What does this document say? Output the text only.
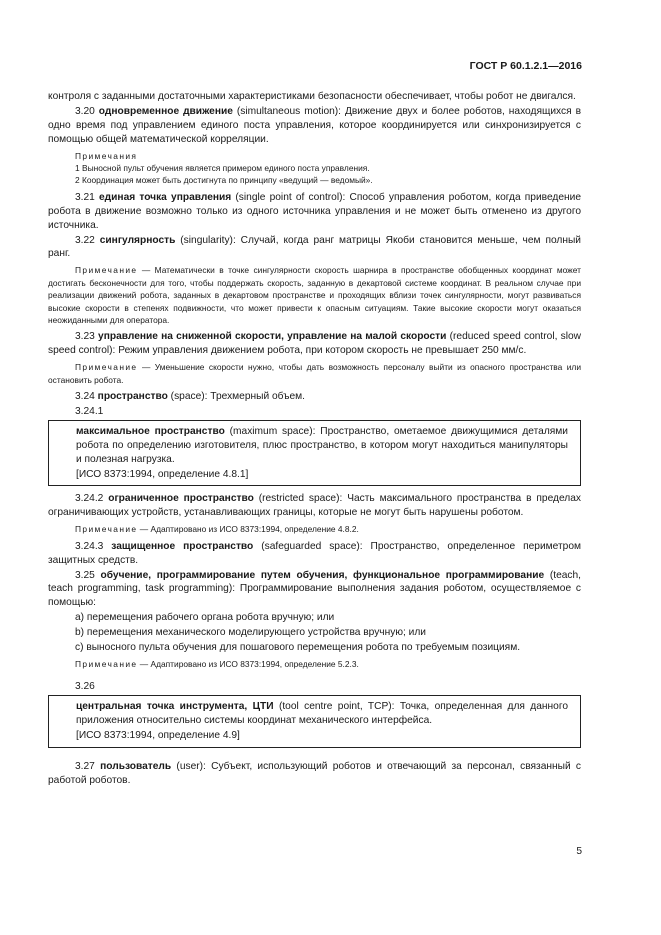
ГОСТ Р 60.1.2.1—2016

контроля с заданными достаточными характеристиками безопасности обеспечивает, чтобы робот не двигался.

3.20 одновременное движение (simultaneous motion): Движение двух и более роботов, находящихся в одно время под управлением единого поста управления, которое координируется или синхронизируется с помощью общей математической корреляции.

Примечания
1 Выносной пульт обучения является примером единого поста управления.
2 Координация может быть достигнута по принципу «ведущий — ведомый».

3.21 единая точка управления (single point of control): Способ управления роботом, когда приведение робота в движение возможно только из одного источника управления и не может быть отменено из другого источника.

3.22 сингулярность (singularity): Случай, когда ранг матрицы Якоби становится меньше, чем полный ранг.

Примечание — Математически в точке сингулярности скорость шарнира в пространстве обобщенных координат может достигать бесконечности для того, чтобы поддержать скорость, заданную в декартовой системе координат. В реальном случае при реализации движений робота, заданных в декартовом пространстве и проходящих вблизи точек сингулярности, могут развиваться высокие скорости в степенях подвижности, что может привести к опасным ситуациям. Такие высокие скорости могут оказаться неожиданными для оператора.

3.23 управление на сниженной скорости, управление на малой скорости (reduced speed control, slow speed control): Режим управления движением робота, при котором скорость не превышает 250 мм/с.

Примечание — Уменьшение скорости нужно, чтобы дать возможность персоналу выйти из опасного пространства или остановить робота.

3.24 пространство (space): Трехмерный объем.

3.24.1

максимальное пространство (maximum space): Пространство, ометаемое движущимися деталями робота по определению изготовителя, плюс пространство, в котором могут находиться манипуляторы и полезная нагрузка.

[ИСО 8373:1994, определение 4.8.1]

3.24.2 ограниченное пространство (restricted space): Часть максимального пространства в пределах ограничивающих устройств, устанавливающих границы, которые не могут быть нарушены роботом.

Примечание — Адаптировано из ИСО 8373:1994, определение 4.8.2.

3.24.3 защищенное пространство (safeguarded space): Пространство, определенное периметром защитных средств.

3.25 обучение, программирование путем обучения, функциональное программирование (teach, teach programming, task programming): Программирование выполнения задания роботом, осуществляемое с помощью:

a) перемещения рабочего органа робота вручную; или

b) перемещения механического моделирующего устройства вручную; или

c) выносного пульта обучения для пошагового перемещения робота по требуемым позициям.

Примечание — Адаптировано из ИСО 8373:1994, определение 5.2.3.

3.26

центральная точка инструмента, ЦТИ (tool centre point, TCP): Точка, определенная для данного приложения относительно системы координат механического интерфейса.

[ИСО 8373:1994, определение 4.9]

3.27 пользователь (user): Субъект, использующий роботов и отвечающий за персонал, связанный с работой роботов.

5
